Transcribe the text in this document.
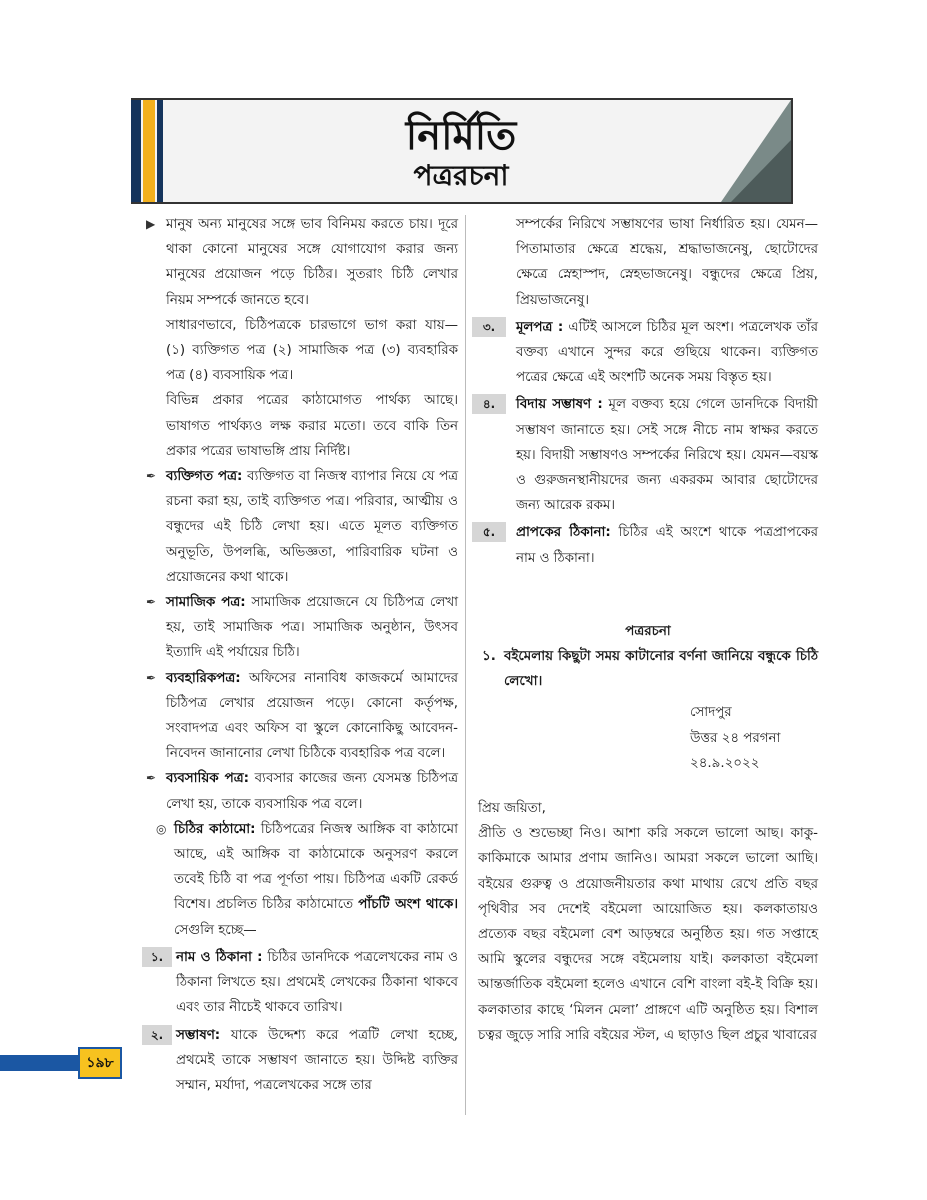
নির্মিতি
পত্ররচনা

▶ মানুষ অন্য মানুষের সঙ্গে ভাব বিনিময় করতে চায়। দূরে থাকা কোনো মানুষের সঙ্গে যোগাযোগ করার জন্য মানুষের প্রয়োজন পড়ে চিঠির। সুতরাং চিঠি লেখার নিয়ম সম্পর্কে জানতে হবে।

সাধারণভাবে, চিঠিপত্রকে চারভাগে ভাগ করা যায়— (১) ব্যক্তিগত পত্র (২) সামাজিক পত্র (৩) ব্যবহারিক পত্র (৪) ব্যবসায়িক পত্র।

বিভিন্ন প্রকার পত্রের কাঠামোগত পার্থক্য আছে। ভাষাগত পার্থক্যও লক্ষ করার মতো। তবে বাকি তিন প্রকার পত্রের ভাষাভঙ্গি প্রায় নির্দিষ্ট।

✒ ব্যক্তিগত পত্র: ব্যক্তিগত বা নিজস্ব ব্যাপার নিয়ে যে পত্র রচনা করা হয়, তাই ব্যক্তিগত পত্র। পরিবার, আত্মীয় ও বন্ধুদের এই চিঠি লেখা হয়। এতে মূলত ব্যক্তিগত অনুভূতি, উপলব্ধি, অভিজ্ঞতা, পারিবারিক ঘটনা ও প্রয়োজনের কথা থাকে।

✒ সামাজিক পত্র: সামাজিক প্রয়োজনে যে চিঠিপত্র লেখা হয়, তাই সামাজিক পত্র। সামাজিক অনুষ্ঠান, উৎসব ইত্যাদি এই পর্যায়ের চিঠি।

✒ ব্যবহারিকপত্র: অফিসের নানাবিধ কাজকর্মে আমাদের চিঠিপত্র লেখার প্রয়োজন পড়ে। কোনো কর্তৃপক্ষ, সংবাদপত্র এবং অফিস বা স্কুলে কোনোকিছু আবেদন-নিবেদন জানানোর লেখা চিঠিকে ব্যবহারিক পত্র বলে।

✒ ব্যবসায়িক পত্র: ব্যবসার কাজের জন্য যেসমস্ত চিঠিপত্র লেখা হয়, তাকে ব্যবসায়িক পত্র বলে।

◎ চিঠির কাঠামো: চিঠিপত্রের নিজস্ব আঙ্গিক বা কাঠামো আছে, এই আঙ্গিক বা কাঠামোকে অনুসরণ করলে তবেই চিঠি বা পত্র পূর্ণতা পায়। চিঠিপত্র একটি রেকর্ড বিশেষ। প্রচলিত চিঠির কাঠামোতে পাঁচটি অংশ থাকে। সেগুলি হচ্ছে—

১. নাম ও ঠিকানা : চিঠির ডানদিকে পত্রলেখকের নাম ও ঠিকানা লিখতে হয়। প্রথমেই লেখকের ঠিকানা থাকবে এবং তার নীচেই থাকবে তারিখ।

২. সম্ভাষণ: যাকে উদ্দেশ্য করে পত্রটি লেখা হচ্ছে, প্রথমেই তাকে সম্ভাষণ জানাতে হয়। উদ্দিষ্ট ব্যক্তির সম্মান, মর্যাদা, পত্রলেখকের সঙ্গে তার

সম্পর্কের নিরিখে সম্ভাষণের ভাষা নির্ধারিত হয়। যেমন—পিতামাতার ক্ষেত্রে শ্রদ্ধেয়, শ্রদ্ধাভাজনেষু, ছোটোদের ক্ষেত্রে স্নেহাস্পদ, স্নেহভাজনেষু। বন্ধুদের ক্ষেত্রে প্রিয়, প্রিয়ভাজনেষু।

৩.	মূলপত্র : এটিই আসলে চিঠির মূল অংশ। পত্রলেখক তাঁর বক্তব্য এখানে সুন্দর করে গুছিয়ে থাকেন। ব্যক্তিগত পত্রের ক্ষেত্রে এই অংশটি অনেক সময় বিস্তৃত হয়।

৪.	বিদায় সম্ভাষণ : মূল বক্তব্য হয়ে গেলে ডানদিকে বিদায়ী সম্ভাষণ জানাতে হয়। সেই সঙ্গে নীচে নাম স্বাক্ষর করতে হয়। বিদায়ী সম্ভাষণও সম্পর্কের নিরিখে হয়। যেমন—বয়স্ক ও গুরুজনস্থানীয়দের জন্য একরকম আবার ছোটোদের জন্য আরেক রকম।

৫.	প্রাপকের ঠিকানা: চিঠির এই অংশে থাকে পত্রপ্রাপকের নাম ও ঠিকানা।

পত্ররচনা

১. বইমেলায় কিছুটা সময় কাটানোর বর্ণনা জানিয়ে বন্ধুকে চিঠি লেখো।

সোদপুর

উত্তর ২৪ পরগনা

২৪.৯.২০২২

প্রিয় জয়িতা,

প্রীতি ও শুভেচ্ছা নিও। আশা করি সকলে ভালো আছ। কাকু-কাকিমাকে আমার প্রণাম জানিও। আমরা সকলে ভালো আছি। বইয়ের গুরুত্ব ও প্রয়োজনীয়তার কথা মাথায় রেখে প্রতি বছর পৃথিবীর সব দেশেই বইমেলা আয়োজিত হয়। কলকাতায়ও প্রত্যেক বছর বইমেলা বেশ আড়ম্বরে অনুষ্ঠিত হয়। গত সপ্তাহে আমি স্কুলের বন্ধুদের সঙ্গে বইমেলায় যাই। কলকাতা বইমেলা আন্তর্জাতিক বইমেলা হলেও এখানে বেশি বাংলা বই-ই বিক্রি হয়। কলকাতার কাছে ‘মিলন মেলা’ প্রাঙ্গণে এটি অনুষ্ঠিত হয়। বিশাল চত্বর জুড়ে সারি সারি বইয়ের স্টল, এ ছাড়াও ছিল প্রচুর খাবারের

১৯৮
